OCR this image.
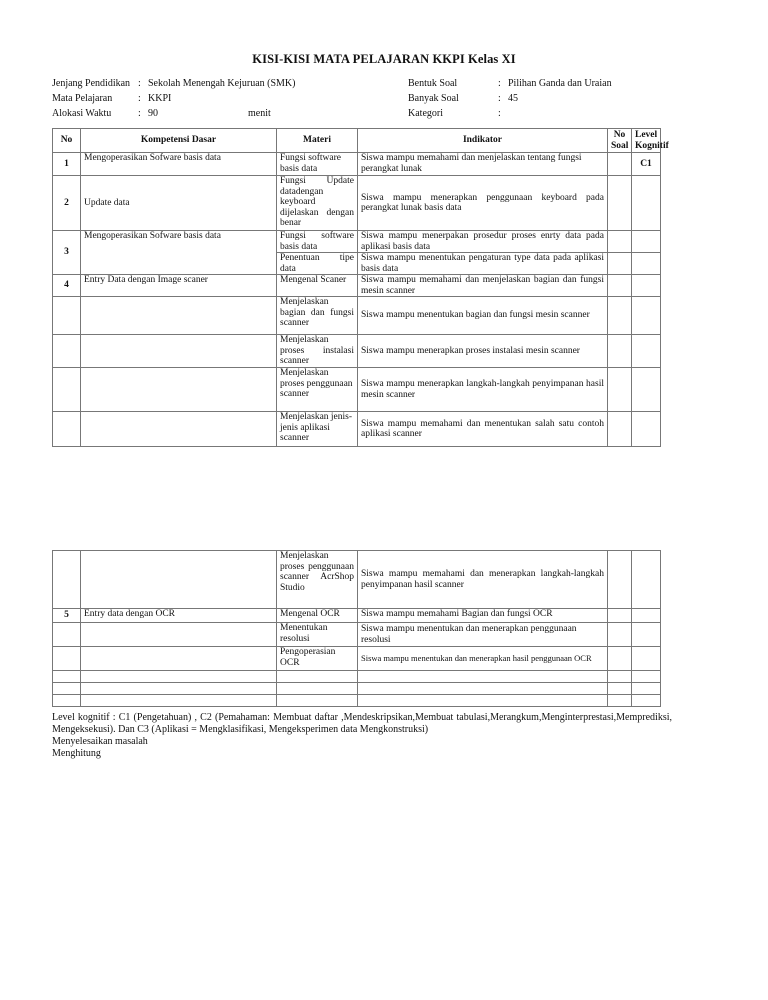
KISI-KISI MATA PELAJARAN KKPI Kelas XI
Jenjang Pendidikan : Sekolah Menengah Kejuruan (SMK)
Mata Pelajaran	: KKPI
Alokasi Waktu	: 90	menit
Bentuk Soal	: Pilihan Ganda dan Uraian
Banyak Soal	: 45
Kategori	:
No	Kompetensi Dasar	Materi	Indikator	No Soal	Level Kognitif
1	Mengoperasikan Sofware basis data	Fungsi software basis data	Siswa mampu memahami dan menjelaskan tentang fungsi perangkat lunak		C1
2	Update data	Fungsi Update datadengan keyboard dijelaskan dengan benar	Siswa mampu menerapkan penggunaan keyboard pada perangkat lunak basis data		
3	Mengoperasikan Sofware basis data	Fungsi software basis data	Siswa mampu menerpakan prosedur proses enrty data pada aplikasi basis data		
		Penentuan tipe data	Siswa mampu menentukan pengaturan type data pada aplikasi basis data		
4	Entry Data dengan Image scaner	Mengenal Scaner	Siswa mampu memahami dan menjelaskan bagian dan fungsi mesin scanner		
		Menjelaskan bagian dan fungsi scanner	Siswa mampu menentukan bagian dan fungsi mesin scanner		
		Menjelaskan proses instalasi scanner	Siswa mampu menerapkan proses instalasi mesin scanner		
		Menjelaskan proses penggunaan scanner	Siswa mampu menerapkan langkah-langkah penyimpanan hasil mesin scanner		
		Menjelaskan jenis-jenis aplikasi scanner	Siswa mampu memahami dan menentukan salah satu contoh aplikasi scanner		
		Menjelaskan proses penggunaan scanner AcrShop Studio	Siswa mampu memahami dan menerapkan langkah-langkah penyimpanan hasil scanner		
5	Entry data dengan OCR	Mengenal OCR	Siswa mampu memahami Bagian dan fungsi OCR		
		Menentukan resolusi	Siswa mampu menentukan dan menerapkan penggunaan resolusi		
		Pengoperasian OCR	Siswa mampu menentukan dan menerapkan hasil penggunaan OCR		

Level kognitif : C1 (Pengetahuan) , C2 (Pemahaman: Membuat daftar ,Mendeskripsikan,Membuat tabulasi,Merangkum,Menginterprestasi,Memprediksi, Mengeksekusi). Dan C3 (Aplikasi = Mengklasifikasi, Mengeksperimen data Mengkonstruksi)

Menyelesaikan masalah

Menghitung
